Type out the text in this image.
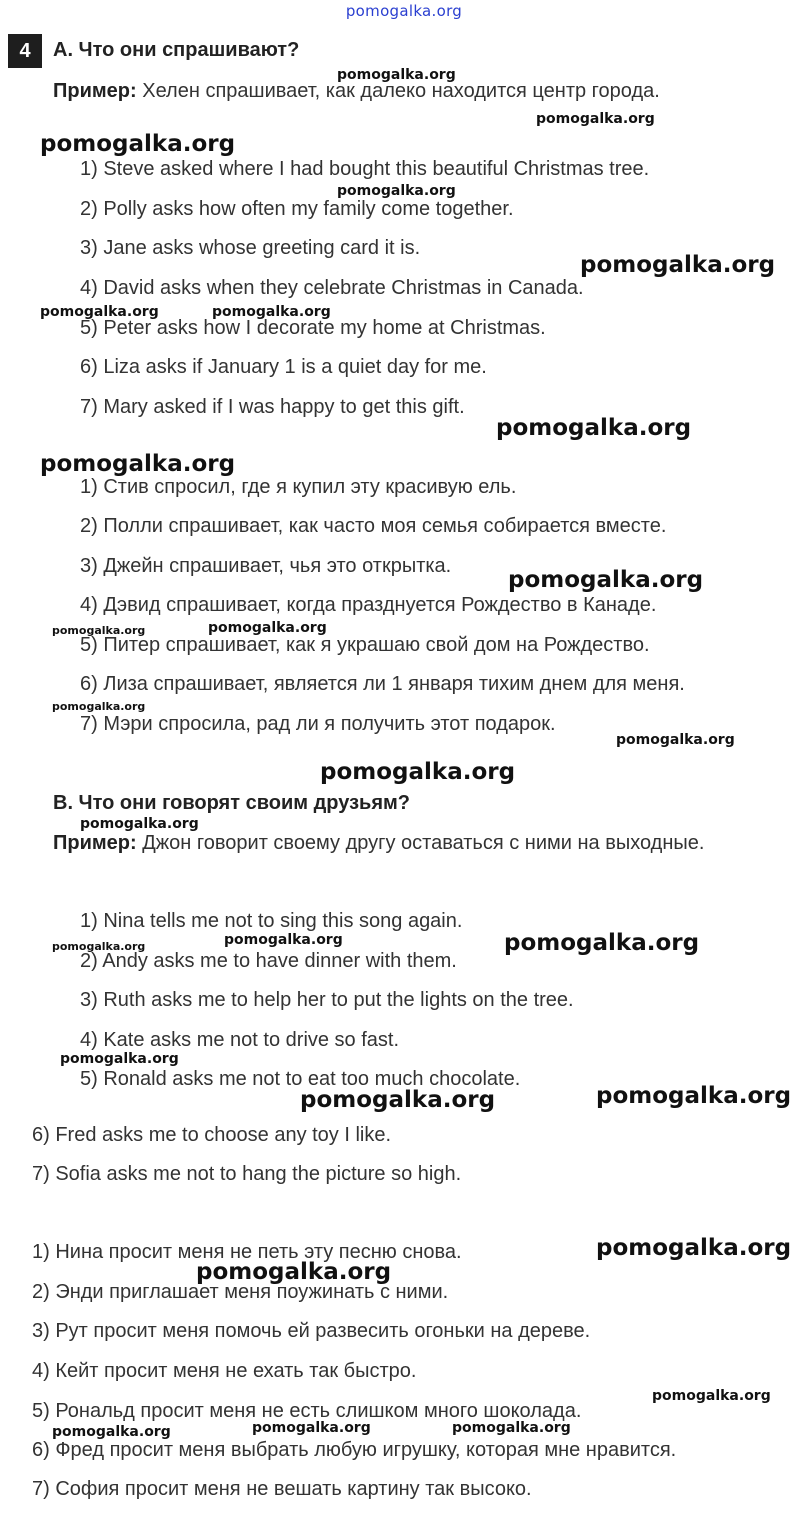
pomogalka.org
4	A. Что они спрашивают?
Пример: Хелен спрашивает, как далеко находится центр города.
1) Steve asked where I had bought this beautiful Christmas tree.
2) Polly asks how often my family come together.
3) Jane asks whose greeting card it is.
4) David asks when they celebrate Christmas in Canada.
5) Peter asks how I decorate my home at Christmas.
6) Liza asks if January 1 is a quiet day for me.
7) Mary asked if I was happy to get this gift.
1) Стив спросил, где я купил эту красивую ель.
2) Полли спрашивает, как часто моя семья собирается вместе.
3) Джейн спрашивает, чья это открытка.
4) Дэвид спрашивает, когда празднуется Рождество в Канаде.
5) Питер спрашивает, как я украшаю свой дом на Рождество.
6) Лиза спрашивает, является ли 1 января тихим днем для меня.
7) Мэри спросила, рад ли я получить этот подарок.
B. Что они говорят своим друзьям?
Пример: Джон говорит своему другу оставаться с ними на выходные.
1) Nina tells me not to sing this song again.
2) Andy asks me to have dinner with them.
3) Ruth asks me to help her to put the lights on the tree.
4) Kate asks me not to drive so fast.
5) Ronald asks me not to eat too much chocolate.
6) Fred asks me to choose any toy I like.
7) Sofia asks me not to hang the picture so high.
1) Нина просит меня не петь эту песню снова.
2) Энди приглашает меня поужинать с ними.
3) Рут просит меня помочь ей развесить огоньки на дереве.
4) Кейт просит меня не ехать так быстро.
5) Рональд просит меня не есть слишком много шоколада.
6) Фред просит меня выбрать любую игрушку, которая мне нравится.
7) София просит меня не вешать картину так высоко.
pomogalka.org
pomogalka.org
pomogalka.org
pomogalka.org
pomogalka.org
pomogalka.org	pomogalka.org
pomogalka.org
pomogalka.org
pomogalka.org
pomogalka.org	pomogalka.org
pomogalka.org
pomogalka.org
pomogalka.org
pomogalka.org
pomogalka.org	pomogalka.org	pomogalka.org
pomogalka.org
pomogalka.org	pomogalka.org
pomogalka.org
pomogalka.org
pomogalka.org
pomogalka.org	pomogalka.org	pomogalka.org
